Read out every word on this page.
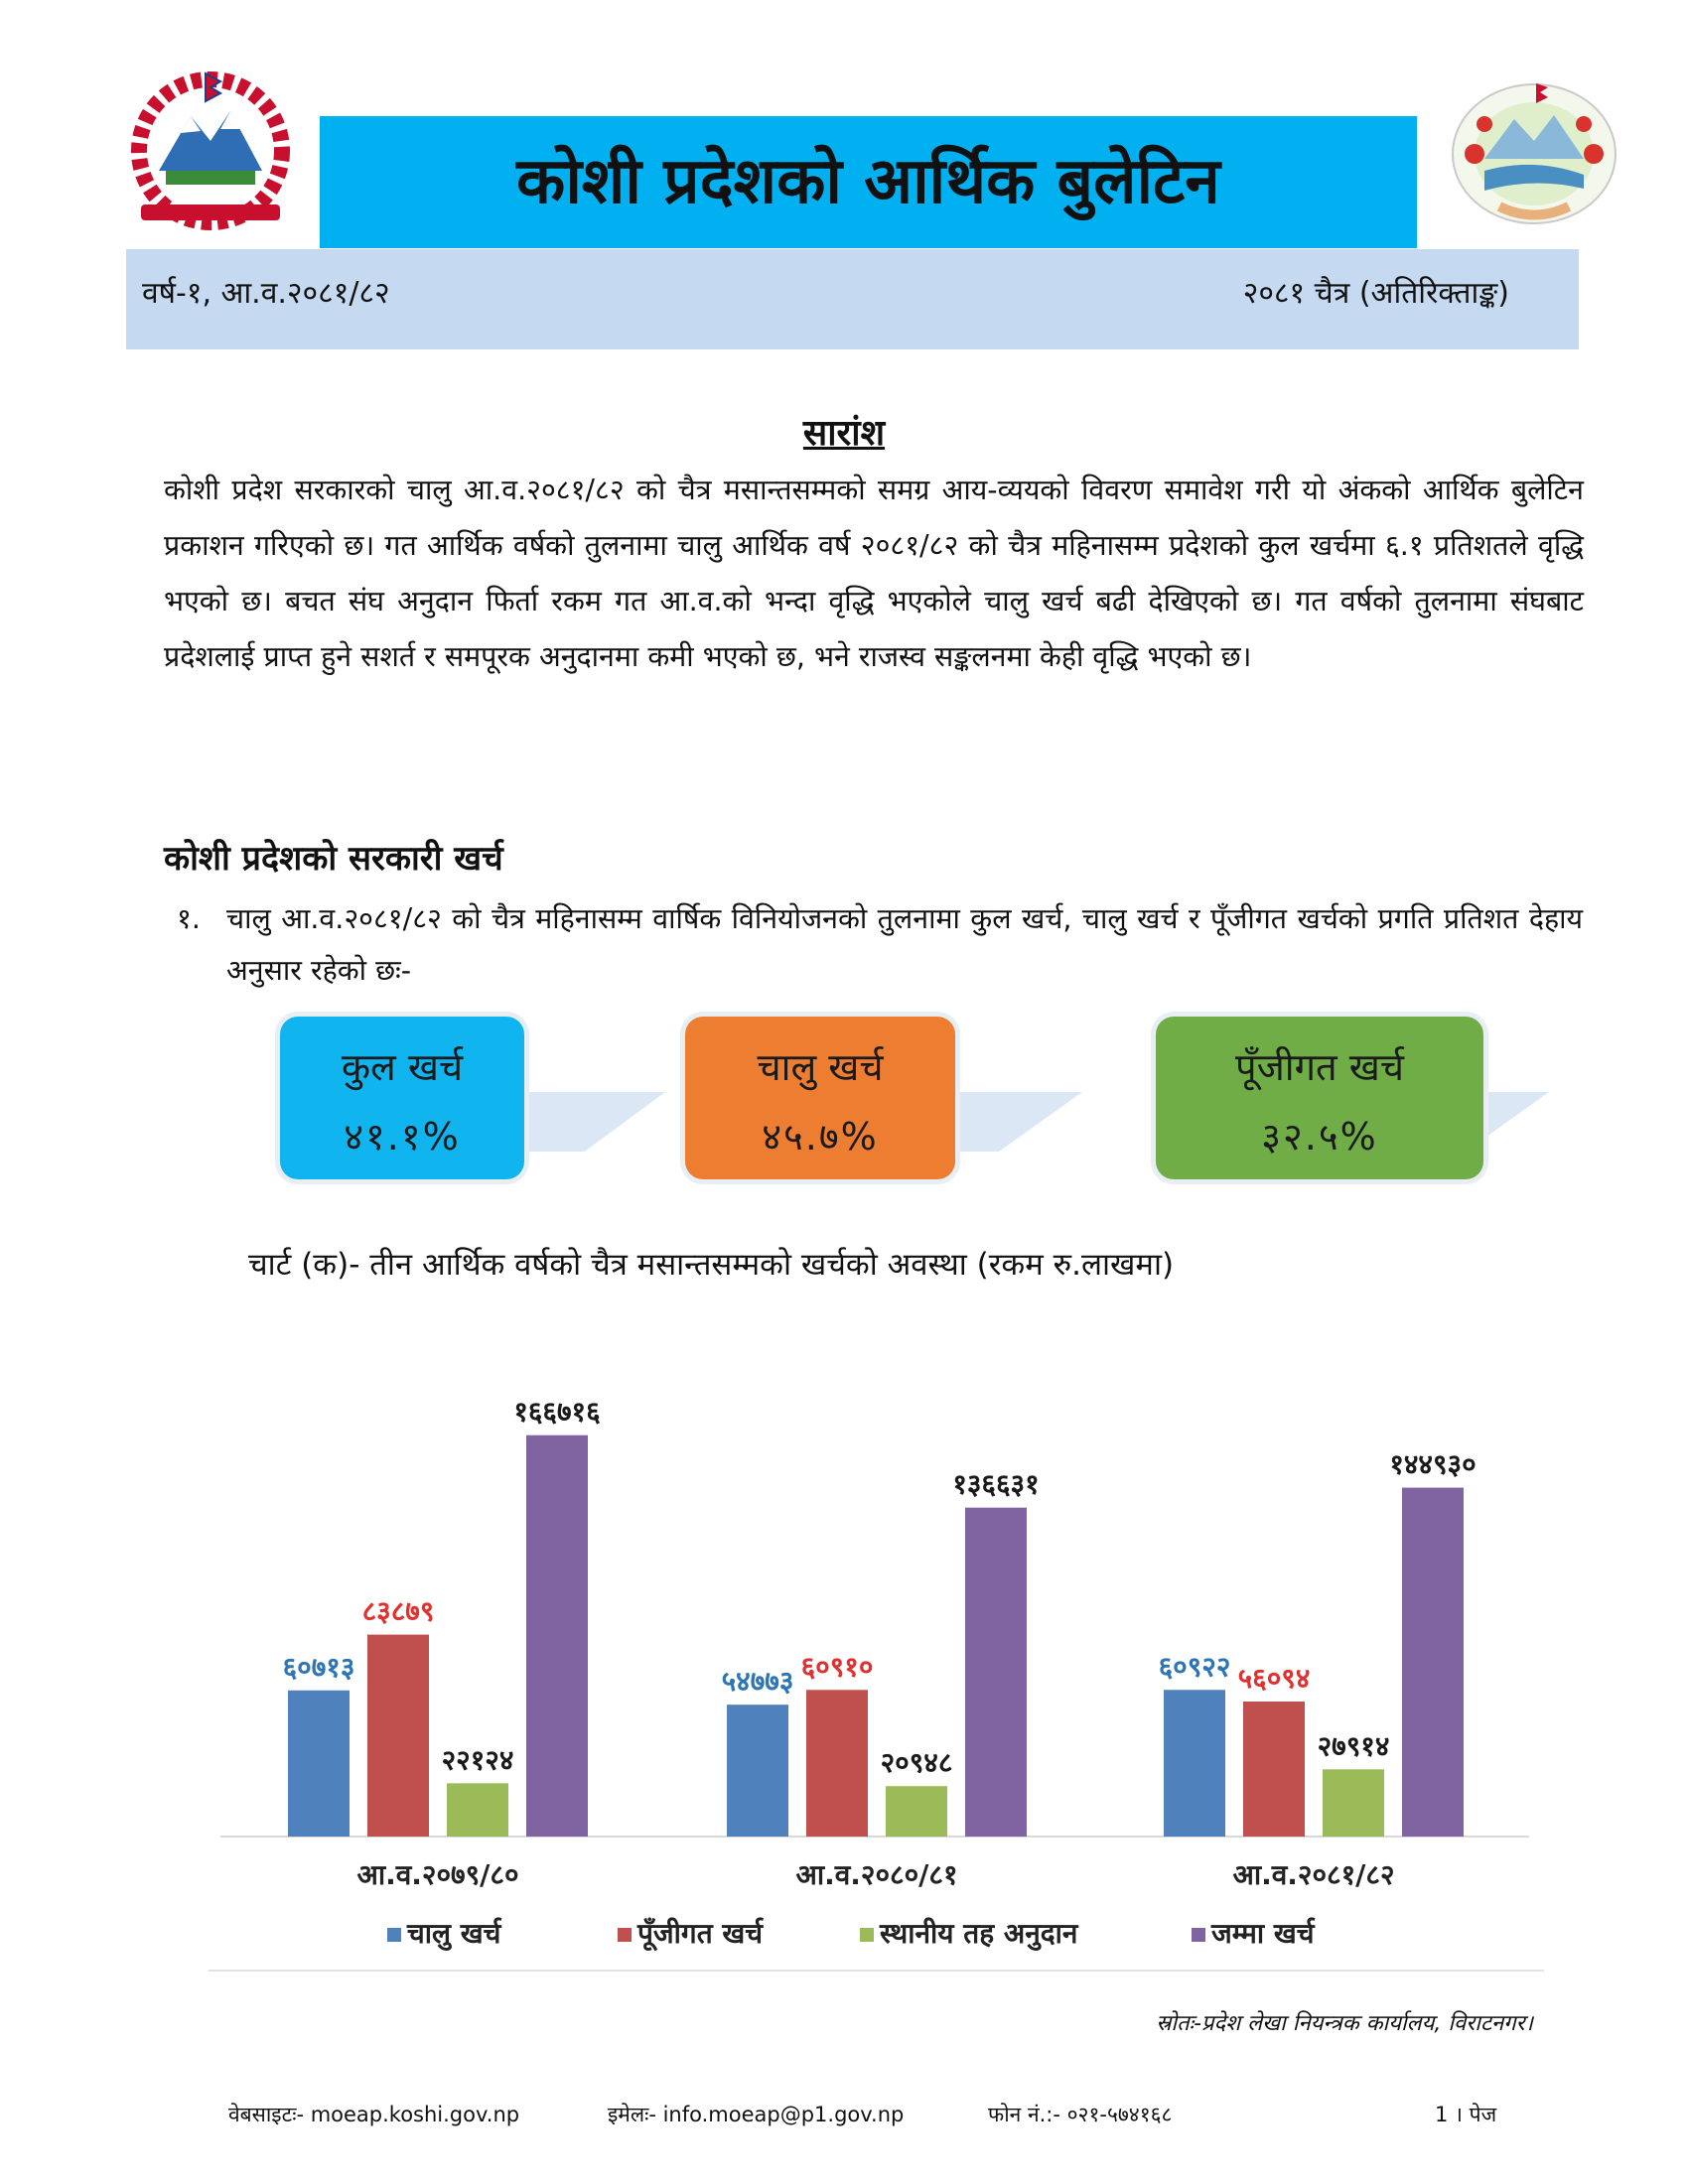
कोशी प्रदेशको आर्थिक बुलेटिन
वर्ष-१, आ.व.२०८१/८२	२०८१ चैत्र (अतिरिक्ताङ्क)
सारांश
कोशी प्रदेश सरकारको चालु आ.व.२०८१/८२ को चैत्र मसान्तसम्मको समग्र आय-व्ययको विवरण समावेश गरी यो अंकको आर्थिक बुलेटिन प्रकाशन गरिएको छ। गत आर्थिक वर्षको तुलनामा चालु आर्थिक वर्ष २०८१/८२ को चैत्र महिनासम्म प्रदेशको कुल खर्चमा ६.१ प्रतिशतले वृद्धि भएको छ। बचत संघ अनुदान फिर्ता रकम गत आ.व.को भन्दा वृद्धि भएकोले चालु खर्च बढी देखिएको छ। गत वर्षको तुलनामा संघबाट प्रदेशलाई प्राप्त हुने सशर्त र समपूरक अनुदानमा कमी भएको छ, भने राजस्व सङ्कलनमा केही वृद्धि भएको छ।
कोशी प्रदेशको सरकारी खर्च
१. चालु आ.व.२०८१/८२ को चैत्र महिनासम्म वार्षिक विनियोजनको तुलनामा कुल खर्च, चालु खर्च र पूँजीगत खर्चको प्रगति प्रतिशत देहाय अनुसार रहेको छः-
कुल खर्च
४१.१%
चालु खर्च
४५.७%
पूँजीगत खर्च
३२.५%
चार्ट (क)- तीन आर्थिक वर्षको चैत्र मसान्तसम्मको खर्चको अवस्था (रकम रु.लाखमा)
६०७१३
८३८७९
२२१२४
१६६७१६
आ.व.२०७९/८०
५४७७३ ६०९१०
२०९४८
१३६६३१
आ.व.२०८०/८१
६०९२२ ५६०९४
२७९१४
१४४९३०
आ.व.२०८१/८२
चालु खर्च	पूँजीगत खर्च	स्थानीय तह अनुदान	जम्मा खर्च
स्रोतः-प्रदेश लेखा नियन्त्रक कार्यालय, विराटनगर।
वेबसाइटः- moeap.koshi.gov.np	इमेलः- info.moeap@p1.gov.np	फोन नं.:- ०२१-५७४१६८	1 । पेज
